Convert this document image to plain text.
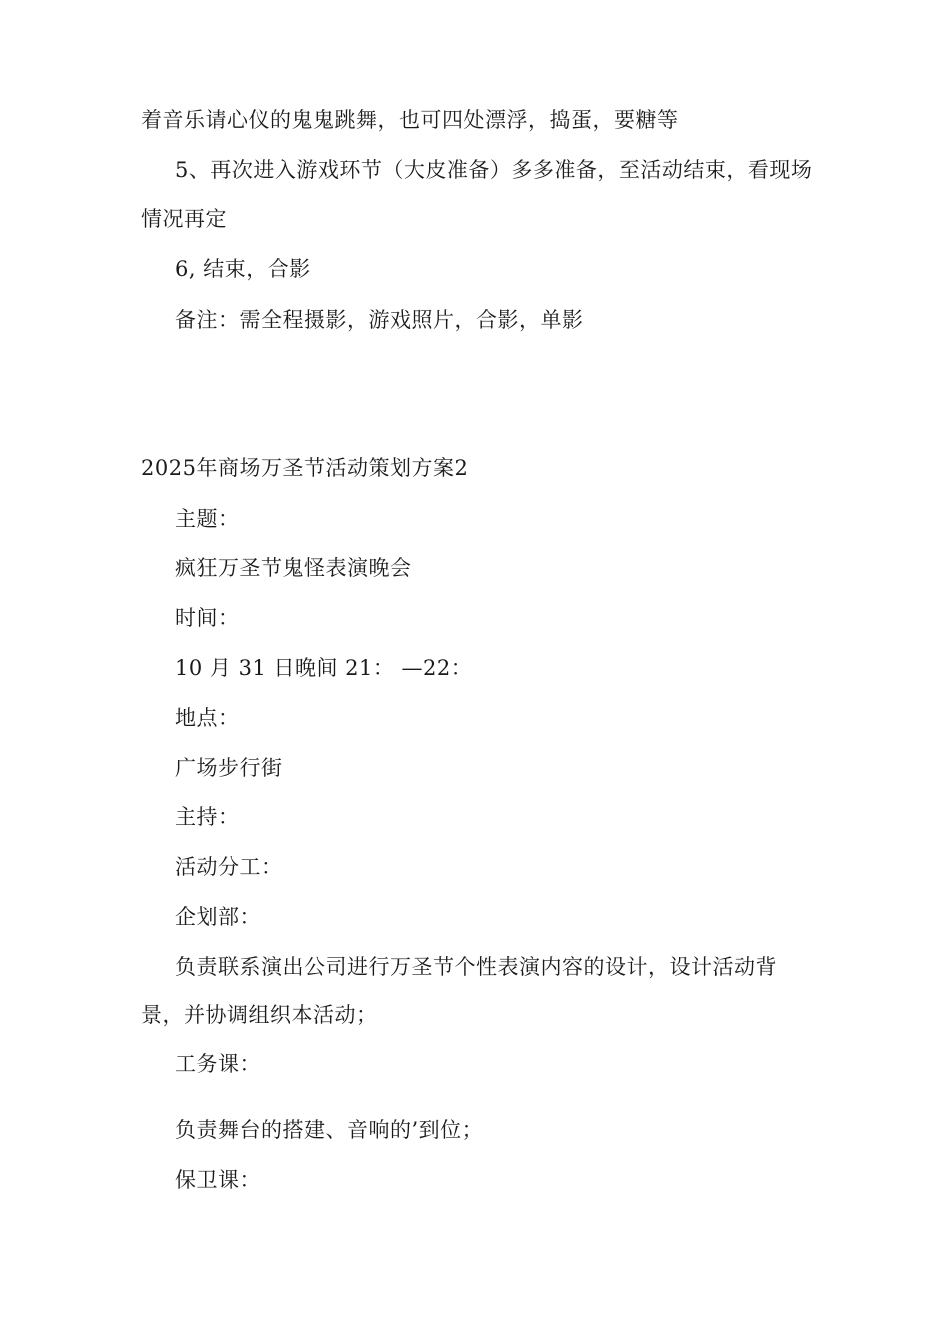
着音乐请心仪的鬼鬼跳舞，也可四处漂浮，捣蛋，要糖等
5、再次进入游戏环节（大皮准备）多多准备，至活动结束，看现场
情况再定
6, 结束，合影
备注：需全程摄影，游戏照片，合影，单影
2025年商场万圣节活动策划方案2
主题：
疯狂万圣节鬼怪表演晚会
时间：
10 月 31 日晚间 21： —22：
地点：
广场步行街
主持：
活动分工：
企划部：
负责联系演出公司进行万圣节个性表演内容的设计，设计活动背
景，并协调组织本活动；
工务课：
负责舞台的搭建、音响的’到位；
保卫课：
